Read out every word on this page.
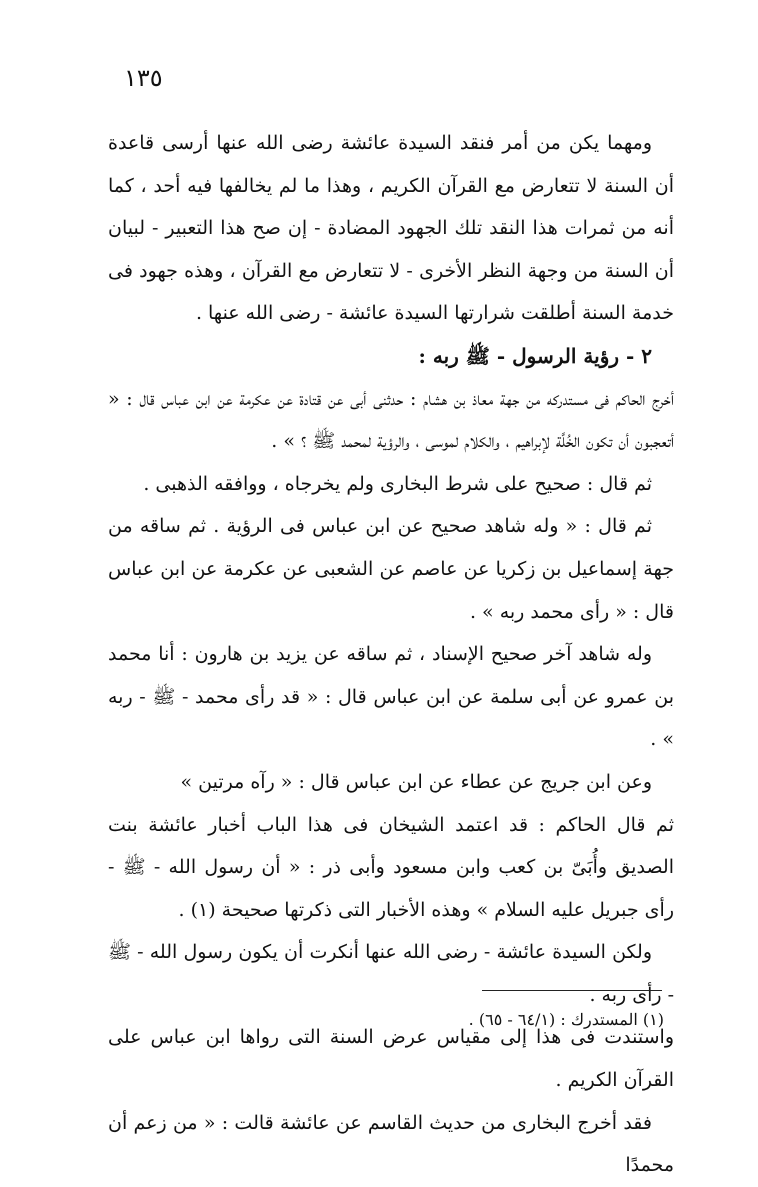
١٣٥

ومهما يكن من أمر فنقد السيدة عائشة رضى الله عنها أرسى قاعدة أن السنة لا تتعارض مع القرآن الكريم ، وهذا ما لم يخالفها فيه أحد ، كما أنه من ثمرات هذا النقد تلك الجهود المضادة - إن صح هذا التعبير - لبيان أن السنة من وجهة النظر الأخرى - لا تتعارض مع القرآن ، وهذه جهود فى خدمة السنة أطلقت شرارتها السيدة عائشة - رضى الله عنها .

٢ - رؤية الرسول - ﷺ ربه :

أخرج الحاكم فى مستدركه من جهة معاذ بن هشام : حدثنى أبى عن قتادة عن عكرمة عن ابن عباس قال : « أتعجبون أن تكون الخُلَّة لإبراهيم ، والكلام لموسى ، والرؤية لمحمد ﷺ ؟ » .

ثم قال : صحيح على شرط البخارى ولم يخرجاه ، ووافقه الذهبى .

ثم قال : « وله شاهد صحيح عن ابن عباس فى الرؤية . ثم ساقه من جهة إسماعيل بن زكريا عن عاصم عن الشعبى عن عكرمة عن ابن عباس قال : « رأى محمد ربه » .

وله شاهد آخر صحيح الإسناد ، ثم ساقه عن يزيد بن هارون : أنا محمد بن عمرو عن أبى سلمة عن ابن عباس قال : « قد رأى محمد - ﷺ - ربه » .

وعن ابن جريج عن عطاء عن ابن عباس قال : « رآه مرتين »

ثم قال الحاكم : قد اعتمد الشيخان فى هذا الباب أخبار عائشة بنت الصديق وأُبَىّ بن كعب وابن مسعود وأبى ذر : « أن رسول الله - ﷺ - رأى جبريل عليه السلام » وهذه الأخبار التى ذكرتها صحيحة (١) .

ولكن السيدة عائشة - رضى الله عنها أنكرت أن يكون رسول الله - ﷺ - رأى ربه .

واستندت فى هذا إلى مقياس عرض السنة التى رواها ابن عباس على القرآن الكريم .

فقد أخرج البخارى من حديث القاسم عن عائشة قالت : « من زعم أن محمدًا

(١) المستدرك : (٦٤/١ - ٦٥) .
